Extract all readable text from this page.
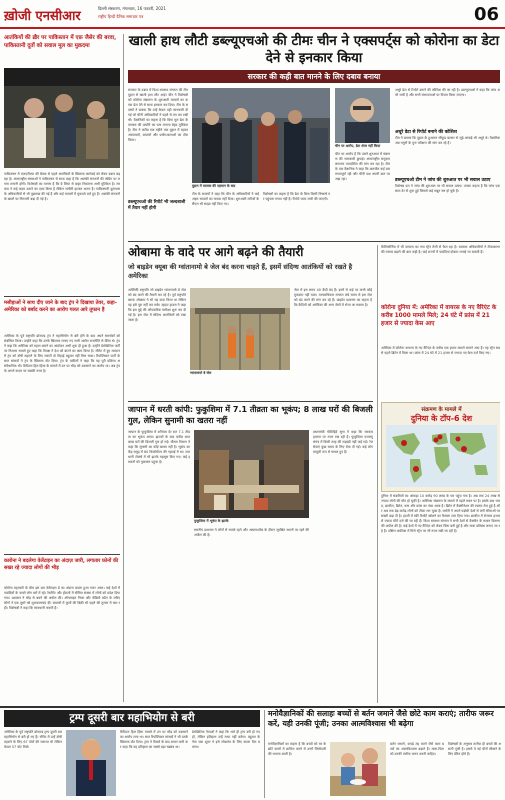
ख़ोजी एनसीआर
दिल्ली संस्करण, मंगलवार, 16 फरवरी, 2021
राष्ट्रीय हिन्दी दैनिक समाचार पत्र	06
आतंकियों की ख़ैर पर पाकिस्तान में एफ़ जैसेर की बरवा, पाकिस्तानी दूतों को सवाल मूल का मुक़दमा
पाकिस्तान में एफएटीएफ की बैठक से पहले आतंकियों के खिलाफ कार्रवाई को लेकर दबाव बढ़ रहा है। अंतरराष्ट्रीय संस्थाओं ने पाकिस्तान से साफ कहा है कि आतंकी संगठनों की फंडिंग पर लगाम लगानी होगी। विशेषज्ञों का मानना है कि ग्रे लिस्ट से बाहर निकलना अभी मुश्किल है। सरकार ने कई कदम उठाने का दावा किया है लेकिन जमीनी हालात अलग हैं। पाकिस्तानी दूतावास के अधिकारियों से भी पूछताछ की गई है और कई मामलों में मुकदमे दर्ज हुए हैं। आतंकी संगठनों के खातों पर निगरानी बढ़ा दी गई है।
मसीहाओं ने साथ दीए जाने के बाद ट्रंप ने दिखाया तेवर, कहा- अमेरिका को बर्बाद करने का आरोप गलत आरे तूफान है
अमेरिका के पूर्व राष्ट्रपति डोनाल्ड ट्रंप ने महाभियोग से बरी होने के बाद अपने समर्थकों को संबोधित किया। उन्होंने कहा कि उनके खिलाफ लगाए गए सभी आरोप राजनीति से प्रेरित थे। ट्रंप ने कहा कि अमेरिका को महान बनाने का आंदोलन अभी शुरू ही हुआ है। उन्होंने डेमोक्रेटिक पार्टी पर निशाना साधते हुए कहा कि विपक्ष ने देश को बांटने का काम किया है। सीनेट में हुए मतदान में ट्रंप को दोषी ठहराने के लिए जरूरी दो तिहाई बहुमत नहीं मिल सका। रिपब्लिकन पार्टी के सात सांसदों ने ट्रंप के खिलाफ वोट दिया। ट्रंप के वकीलों ने कहा कि यह पूरी प्रक्रिया असंवैधानिक थी। कैपिटल हिल हिंसा के मामले में उन पर भीड़ को उकसाने का आरोप था। अब ट्रंप के अगले कदम पर सबकी नजर है।
कारोना ने बदलेगा वेलेंटाइन का अंदाज़ जारी, लगातार फ़ोनों की सख्त रहे ज्यादा लोगों की भीड़
कोरोना महामारी के बीच इस बार वेलेंटाइन डे का अंदाज बदला हुआ नजर आया। कई देशों में पाबंदियों के चलते लोग घरों में रहे। रेस्टोरेंट और होटलों में सीमित संख्या में लोगों को प्रवेश दिया गया। प्रशासन ने भीड़ से बचने की अपील की। ऑनलाइन गिफ्ट और वीडियो कॉल के जरिए लोगों ने एक दूसरे को शुभकामनाएं दीं। बाजारों में फूलों की बिक्री भी पहले की तुलना में कम रही। विशेषज्ञों ने कहा कि सावधानी जरूरी है।
खाली हाथ लौटी डब्ल्यूएचओ की टीमः चीन ने एक्सपर्ट्स को कोरोना का डेटा देने से इनकार किया
सरकार की कही बात मानने के लिए दबाव बनाया
सरकार के दबाव में विश्व स्वास्थ्य संगठन की टीम वुहान से खाली हाथ लौट आई। चीन ने विशेषज्ञों को कोरोना संक्रमण के शुरुआती मामलों का कच्चा डेटा देने से साफ इनकार कर दिया। टीम के सदस्यों ने बताया कि उन्हें केवल वही जानकारी दी गई जो चीनी अधिकारियों ने पहले से तय कर रखी थी। वैज्ञानिकों का कहना है कि बिना मूल डेटा के वायरस की उत्पत्ति का पता लगाना बेहद मुश्किल है। टीम ने करीब एक महीने तक वुहान में रहकर अस्पतालों, बाजारों और प्रयोगशालाओं का दौरा किया।
डब्ल्यूएचओ की रिपोर्ट भी जल्दबाजी में तैयार नहीं होगी
वुहान में वायरस की पहचान के बाद
टीम के सदस्यों ने कहा कि चीन के अधिकारियों ने कई अहम सवालों का जवाब नहीं दिया। शुरुआती मरीजों के सैंपल भी साझा नहीं किए गए।
विशेषज्ञों का कहना है कि डेटा के बिना किसी निष्कर्ष पर पहुंचना संभव नहीं है। रिपोर्ट जल्द जारी की जाएगी।
चीन पर आरोप, डेटा शेयर नहीं किया
चीन पर आरोप है कि उसने शुरुआत में संक्रमण की जानकारी छुपाई। अंतरराष्ट्रीय समुदाय लगातार पारदर्शिता की मांग कर रहा है। टीम के एक वैज्ञानिक ने कहा कि बातचीत कई बार तनावपूर्ण रही और चीनी पक्ष अपनी बात पर अड़ा रहा।
अधूरे डेटा से रिपोर्ट बनाने की कोशिश की जा रही है। डब्ल्यूएचओ ने कहा कि जांच अभी जारी है और सभी संभावनाओं पर विचार किया जाएगा।
अधूरे डेटा से रिपोर्ट बनाने की कोशिश
टीम ने बताया कि वुहान के हुआनन सीफूड बाजार से जुड़े आंकड़े भी अधूरे थे। वैज्ञानिक अब नमूनों के पुनः परीक्षण की मांग कर रहे हैं।
डब्ल्यूएचओ टीम ने जांच की शुरुआत पर भी सवाल उठाए
विशेषज्ञ दल ने जांच की शुरुआत पर भी सवाल उठाए। उनका कहना है कि जांच एक साल देर से शुरू हुई जिससे कई सबूत नष्ट हो चुके हैं।
ओबामा के वादे पर आगे बढ़ने की तैयारी
जो बाइडेन क्यूबा की ग्वांतानामो बे जेल बंद करना चाहते हैं, इसमें संदिग्ध आतंकियों को रखते है अमेरिका
अमेरिकी राष्ट्रपति जो बाइडेन ग्वांतानामो बे जेल को बंद करने की तैयारी कर रहे हैं। पूर्व राष्ट्रपति बराक ओबामा ने भी यह वादा किया था लेकिन वह इसे पूरा नहीं कर सके। व्हाइट हाउस ने कहा कि इस मुद्दे की औपचारिक समीक्षा शुरू कर दी गई है। इस जेल में संदिग्ध आतंकियों को रखा जाता है।
ग्वांतानामो बे जेल
जेल में इस समय 40 कैदी बंद हैं। इनमें से कई पर कभी कोई मुकदमा नहीं चला। मानवाधिकार संगठन लंबे समय से इस जेल को बंद करने की मांग कर रहे हैं। बाइडेन प्रशासन का कहना है कि कैदियों को अमेरिका की अन्य जेलों में भेजा जा सकता है।
जापान में धरती कांपी: फुकुशिमा में 7.1 तीव्रता का भूकंप; 8 लाख घरों की बिजली गुल, लेकिन सुनामी का खतरा नहीं
जापान के फुकुशिमा में शनिवार देर रात 7.1 तीव्रता का भूकंप आया। झटकों के बाद करीब आठ लाख घरों की बिजली गुल हो गई। मौसम विभाग ने कहा कि सुनामी का कोई खतरा नहीं है। भूकंप का केंद्र समुद्र में 60 किलोमीटर की गहराई में था। राजधानी टोक्यो में भी झटके महसूस किए गए। कई इमारतों को नुकसान पहुंचा है।
फुकुशिमा में भूकंप के झटके
प्रधानमंत्री योशिहिदे सुगा ने कहा कि सरकार हालात पर नजर रख रही है। फुकुशिमा परमाणु संयंत्र में किसी तरह की गड़बड़ी नहीं पाई गई। रेल सेवाएं कुछ समय के लिए रोक दी गईं। कई लोग मामूली रूप से घायल हुए हैं।
स्थानीय प्रशासन ने लोगों से सतर्क रहने और आफ्टरशॉक के दौरान सुरक्षित स्थानों पर रहने की अपील की है।
कैलिफोर्निया में भी वायरस का नया स्ट्रेन तेजी से फैल रहा है। स्वास्थ्य अधिकारियों ने टीकाकरण की रफ्तार बढ़ाने की बात कही है। कई राज्यों में पाबंदियां दोबारा लगाई जा सकती हैं।
कोरोना दुनिया में: अमेरिका में वायरस के नए वैरिएंट के करीब 1000 मामले मिले; 24 घंटे में फ्रांस में 21 हजार से ज्यादा केस आए
अमेरिका में कोरोना वायरस के नए वैरिएंट के करीब एक हजार मामले सामने आए हैं। यह स्ट्रेन सबसे पहले ब्रिटेन में मिला था। फ्रांस में 24 घंटे में 21 हजार से ज्यादा नए केस दर्ज किए गए।
संक्रमण के मामले में
दुनिया के टॉप-6 देश
दुनिया में संक्रमितों का आंकड़ा 10 करोड़ 90 लाख के पार पहुंच गया है। अब तक 24 लाख से ज्यादा लोगों की मौत हो चुकी है। अमेरिका संक्रमण के मामले में पहले स्थान पर है। इसके बाद भारत, ब्राजील, ब्रिटेन, रूस और फ्रांस का नंबर आता है। ब्रिटेन में वैक्सीनेशन की रफ्तार तेज हुई है और अब तक डेढ़ करोड़ लोगों को टीका लग चुका है। जर्मनी ने अपने पड़ोसी देशों से लगी सीमाओं पर सख्ती बढ़ा दी है। इटली में स्की रिसॉर्ट खोलने का फैसला टाल दिया गया। ब्राजील में रोजाना हजार से ज्यादा मौतें दर्ज की जा रही हैं। विश्व स्वास्थ्य संगठन ने सभी देशों से वैक्सीन के समान वितरण की अपील की है। कई देशों में नए वैरिएंट को लेकर चिंता बनी हुई है और यात्रा प्रतिबंध लगाए जा रहे हैं। दक्षिण अफ्रीका में मिले स्ट्रेन पर भी नजर रखी जा रही है।
ट्रम्प दूसरी बार महाभियोग से बरी
अमेरिका के पूर्व राष्ट्रपति डोनाल्ड ट्रम्प दूसरी बार महाभियोग से बरी हो गए हैं। सीनेट में उन्हें दोषी ठहराने के लिए 67 वोटों की जरूरत थी लेकिन केवल 57 वोट मिले।
कैपिटल हिल हिंसा मामले में उन पर भीड़ को उकसाने का आरोप लगा था। सात रिपब्लिकन सांसदों ने भी उनके खिलाफ वोट दिया। ट्रम्प ने फैसले के बाद बयान जारी कर कहा कि यह इतिहास का सबसे बड़ा षड्यंत्र था।
डेमोक्रेटिक नेताओं ने कहा कि भले ही ट्रम्प बरी हो गए हों, लेकिन इतिहास उन्हें माफ नहीं करेगा। बहुमत के नेता चक शूमर ने इसे लोकतंत्र के लिए काला दिन बताया।
मनोवैज्ञानिकों की सलाहः बच्चों से बर्तन जमाने जैसे छोटे काम कराएं; तारीफ जरूर करें, यही उनकी पूंजी; उनका आत्मविश्वास भी बढ़ेगा
मनोवैज्ञानिकों का कहना है कि बच्चों को घर के छोटे कामों में शामिल करने से उनमें जिम्मेदारी की भावना आती है।
बर्तन जमाने, कपड़े तह करने जैसे काम बच्चों का आत्मविश्वास बढ़ाते हैं। माता-पिता को उनकी तारीफ जरूर करनी चाहिए।
विशेषज्ञों के अनुसार तारीफ ही बच्चों की असली पूंजी है। इससे वे नई चीजें सीखने के लिए प्रेरित होते हैं।
